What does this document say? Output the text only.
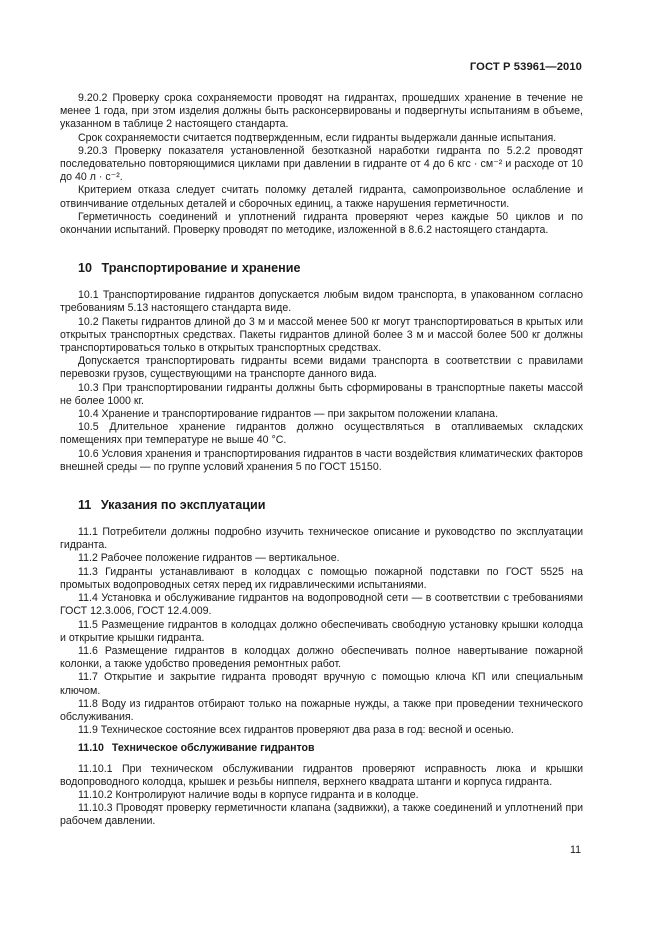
ГОСТ Р 53961—2010

9.20.2 Проверку срока сохраняемости проводят на гидрантах, прошедших хранение в течение не менее 1 года, при этом изделия должны быть расконсервированы и подвергнуты испытаниям в объеме, указанном в таблице 2 настоящего стандарта.

Срок сохраняемости считается подтвержденным, если гидранты выдержали данные испытания.

9.20.3 Проверку показателя установленной безотказной наработки гидранта по 5.2.2 проводят последовательно повторяющимися циклами при давлении в гидранте от 4 до 6 кгс · см⁻² и расходе от 10 до 40 л · с⁻².

Критерием отказа следует считать поломку деталей гидранта, самопроизвольное ослабление и отвинчивание отдельных деталей и сборочных единиц, а также нарушения герметичности.

Герметичность соединений и уплотнений гидранта проверяют через каждые 50 циклов и по окончании испытаний. Проверку проводят по методике, изложенной в 8.6.2 настоящего стандарта.

10 Транспортирование и хранение

10.1 Транспортирование гидрантов допускается любым видом транспорта, в упакованном согласно требованиям 5.13 настоящего стандарта виде.

10.2 Пакеты гидрантов длиной до 3 м и массой менее 500 кг могут транспортироваться в крытых или открытых транспортных средствах. Пакеты гидрантов длиной более 3 м и массой более 500 кг должны транспортироваться только в открытых транспортных средствах.

Допускается транспортировать гидранты всеми видами транспорта в соответствии с правилами перевозки грузов, существующими на транспорте данного вида.

10.3 При транспортировании гидранты должны быть сформированы в транспортные пакеты массой не более 1000 кг.

10.4 Хранение и транспортирование гидрантов — при закрытом положении клапана.

10.5 Длительное хранение гидрантов должно осуществляться в отапливаемых складских помещениях при температуре не выше 40 °С.

10.6 Условия хранения и транспортирования гидрантов в части воздействия климатических факторов внешней среды — по группе условий хранения 5 по ГОСТ 15150.

11 Указания по эксплуатации

11.1 Потребители должны подробно изучить техническое описание и руководство по эксплуатации гидранта.

11.2 Рабочее положение гидрантов — вертикальное.

11.3 Гидранты устанавливают в колодцах с помощью пожарной подставки по ГОСТ 5525 на промытых водопроводных сетях перед их гидравлическими испытаниями.

11.4 Установка и обслуживание гидрантов на водопроводной сети — в соответствии с требованиями ГОСТ 12.3.006, ГОСТ 12.4.009.

11.5 Размещение гидрантов в колодцах должно обеспечивать свободную установку крышки колодца и открытие крышки гидранта.

11.6 Размещение гидрантов в колодцах должно обеспечивать полное навертывание пожарной колонки, а также удобство проведения ремонтных работ.

11.7 Открытие и закрытие гидранта проводят вручную с помощью ключа КП или специальным ключом.

11.8 Воду из гидрантов отбирают только на пожарные нужды, а также при проведении технического обслуживания.

11.9 Техническое состояние всех гидрантов проверяют два раза в год: весной и осенью.

11.10 Техническое обслуживание гидрантов

11.10.1 При техническом обслуживании гидрантов проверяют исправность люка и крышки водопроводного колодца, крышек и резьбы ниппеля, верхнего квадрата штанги и корпуса гидранта.

11.10.2 Контролируют наличие воды в корпусе гидранта и в колодце.

11.10.3 Проводят проверку герметичности клапана (задвижки), а также соединений и уплотнений при рабочем давлении.

11
